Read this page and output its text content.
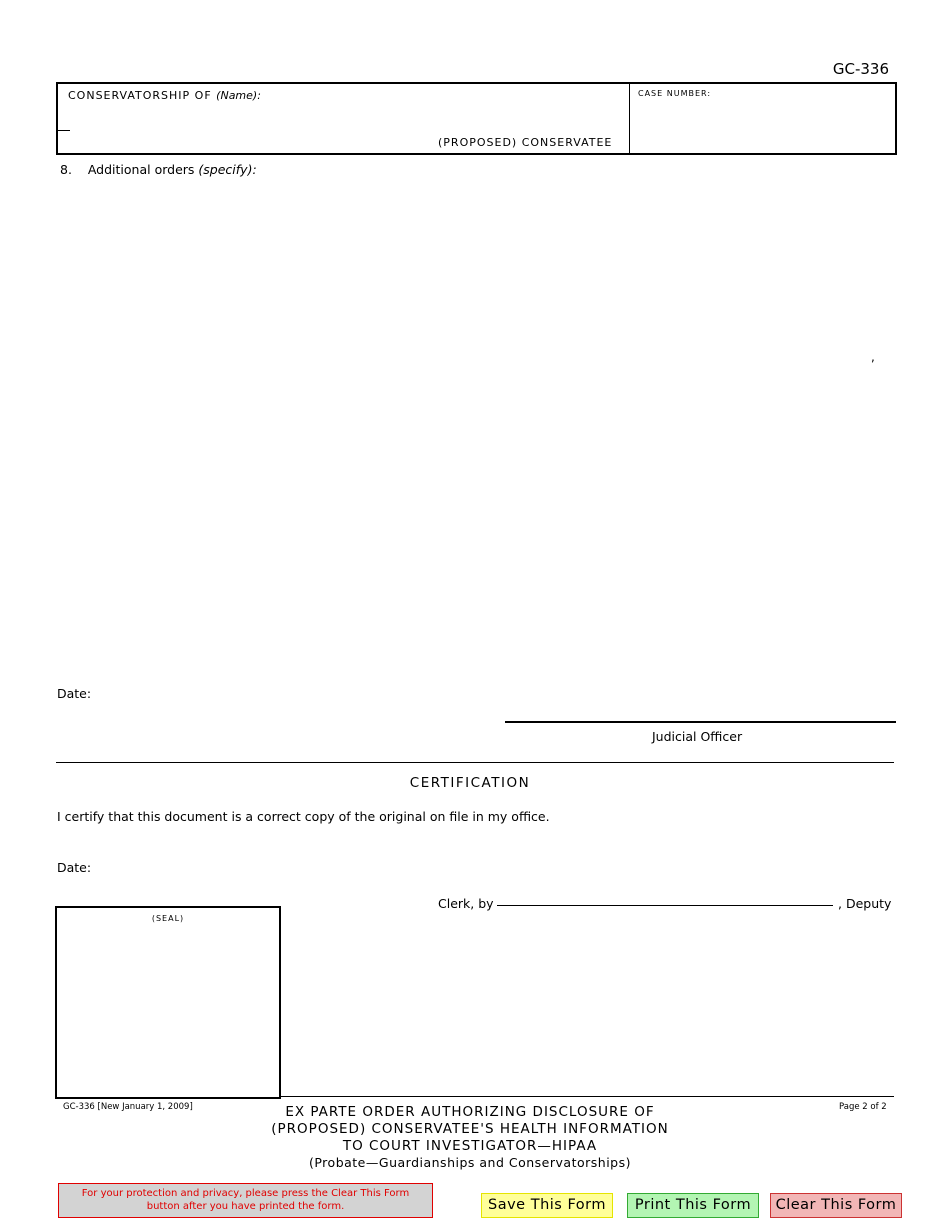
GC-336
CONSERVATORSHIP OF (Name):
(PROPOSED) CONSERVATEE
CASE NUMBER:
8. Additional orders (specify):
,
Date:
Judicial Officer
CERTIFICATION
I certify that this document is a correct copy of the original on file in my office.
Date:
Clerk, by	, Deputy
(SEAL)
GC-336 [New January 1, 2009]	Page 2 of 2
EX PARTE ORDER AUTHORIZING DISCLOSURE OF
(PROPOSED) CONSERVATEE'S HEALTH INFORMATION
TO COURT INVESTIGATOR—HIPAA
(Probate—Guardianships and Conservatorships)
For your protection and privacy, please press the Clear This Form
button after you have printed the form.	Save This Form	Print This Form	Clear This Form
